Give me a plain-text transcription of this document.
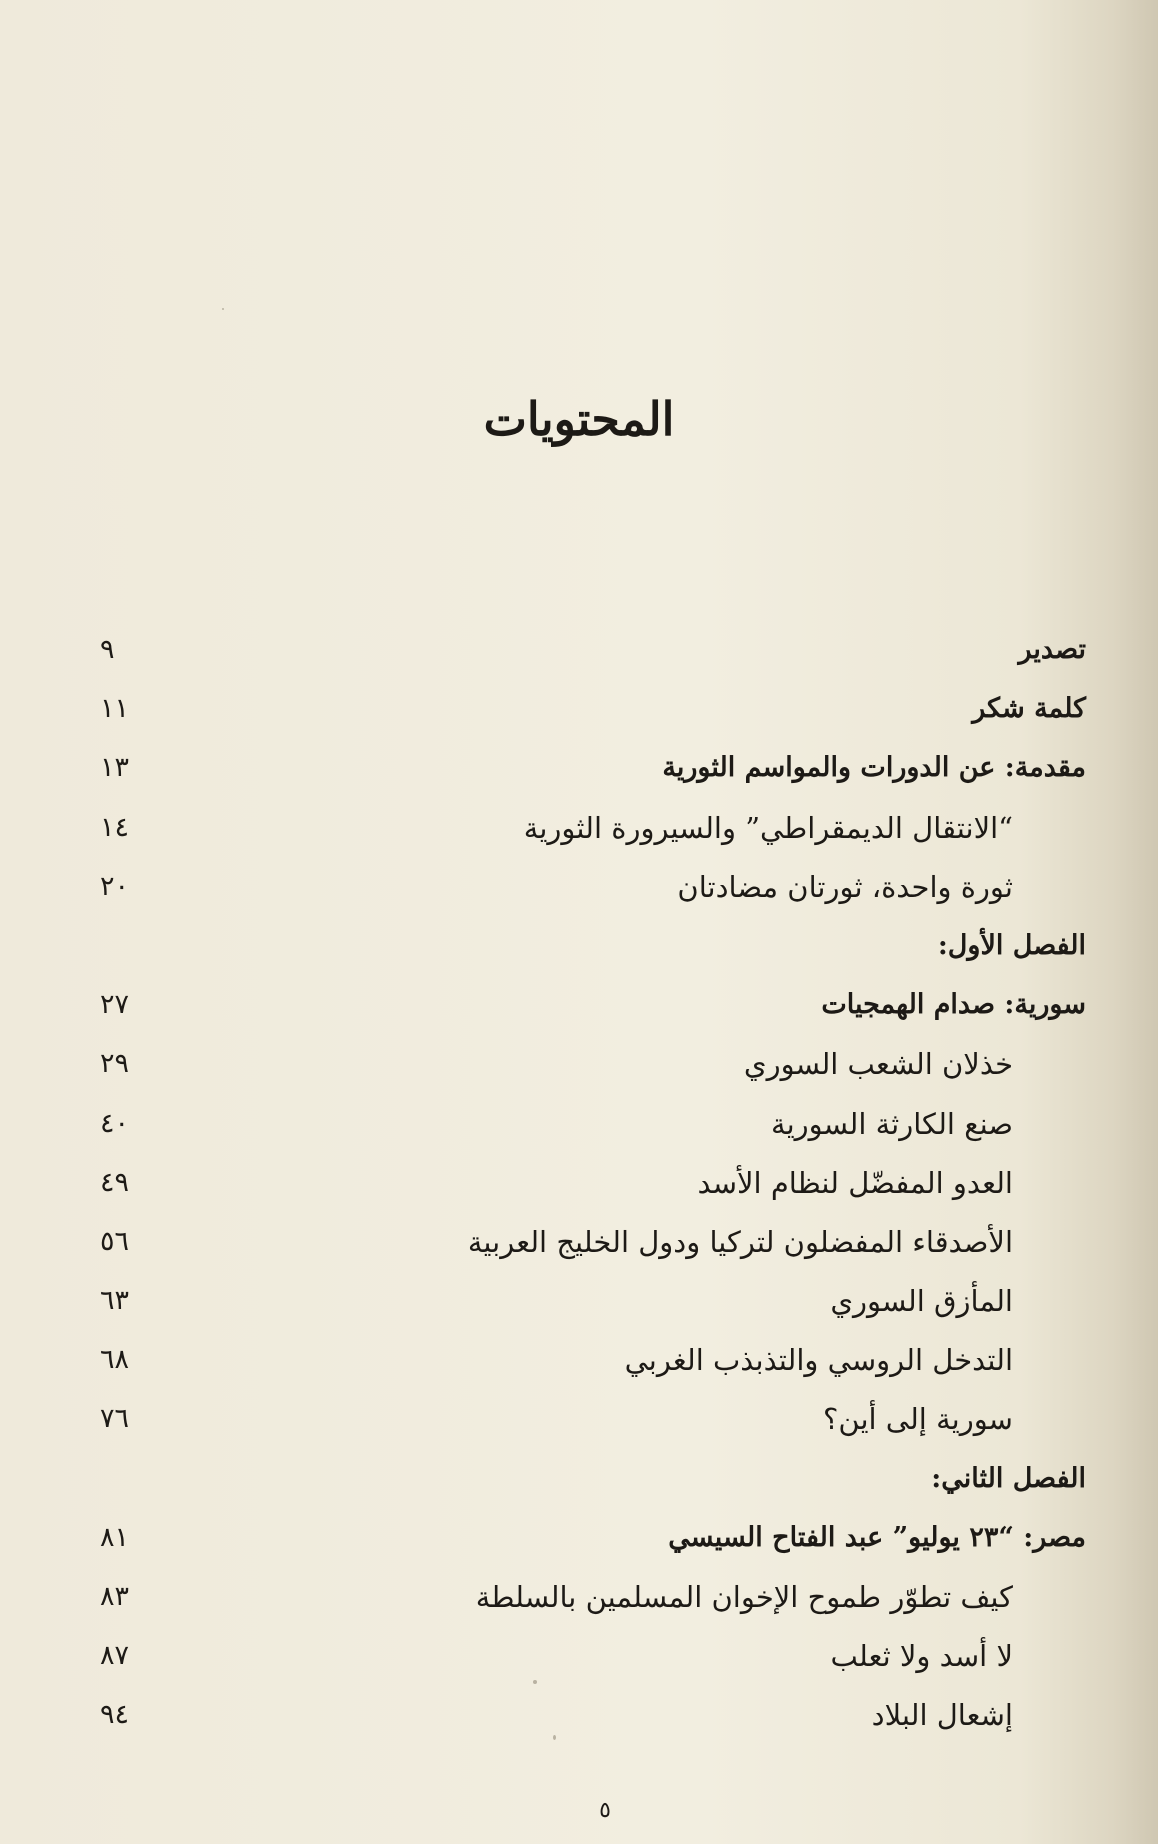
المحتويات
تصدير
٩
كلمة شكر
١١
مقدمة: عن الدورات والمواسم الثورية
١٣
“الانتقال الديمقراطي” والسيرورة الثورية
١٤
ثورة واحدة، ثورتان مضادتان
٢٠
الفصل الأول:
سورية: صدام الهمجيات
٢٧
خذلان الشعب السوري
٢٩
صنع الكارثة السورية
٤٠
العدو المفضّل لنظام الأسد
٤٩
الأصدقاء المفضلون لتركيا ودول الخليج العربية
٥٦
المأزق السوري
٦٣
التدخل الروسي والتذبذب الغربي
٦٨
سورية إلى أين؟
٧٦
الفصل الثاني:
مصر: “٢٣ يوليو” عبد الفتاح السيسي
٨١
كيف تطوّر طموح الإخوان المسلمين بالسلطة
٨٣
لا أسد ولا ثعلب
٨٧
إشعال البلاد
٩٤
٥
